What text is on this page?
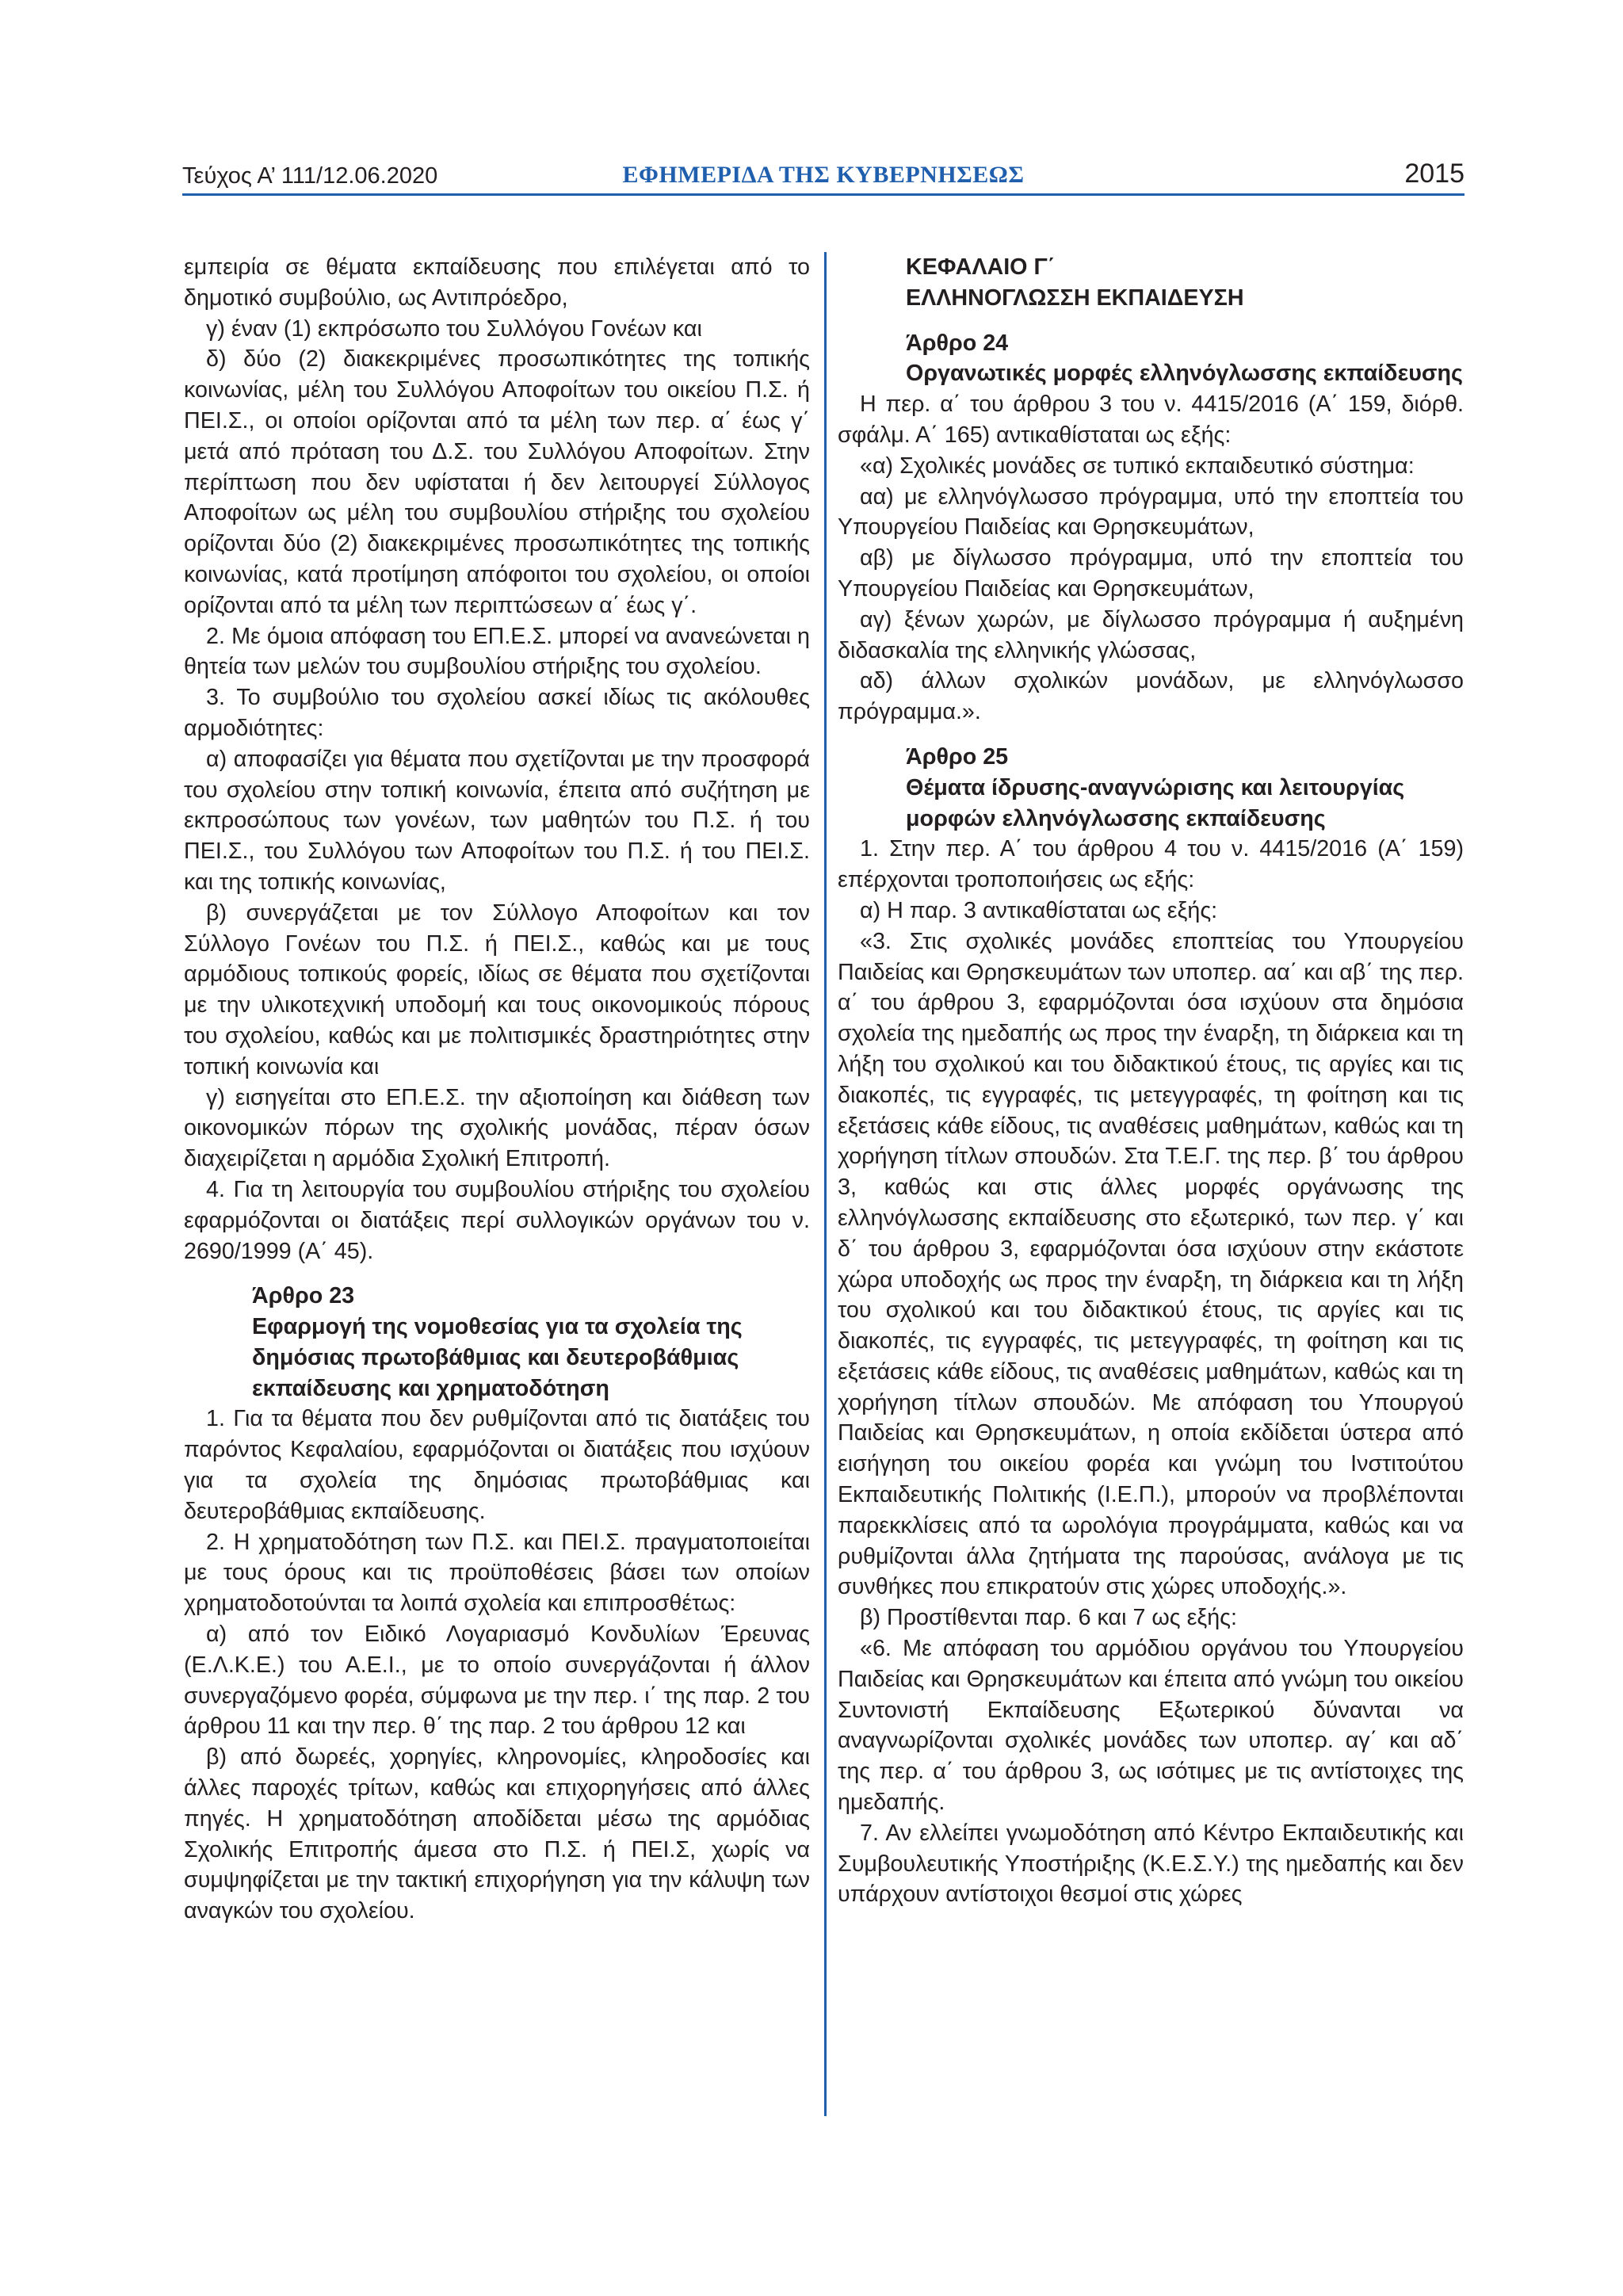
Τεύχος Α’ 111/12.06.2020	ΕΦΗΜΕΡΙΔΑ ΤΗΣ ΚΥΒΕΡΝΗΣΕΩΣ	2015

εμπειρία σε θέματα εκπαίδευσης που επιλέγεται από το δημοτικό συμβούλιο, ως Αντιπρόεδρο,

γ) έναν (1) εκπρόσωπο του Συλλόγου Γονέων και

δ) δύο (2) διακεκριμένες προσωπικότητες της τοπικής κοινωνίας, μέλη του Συλλόγου Αποφοίτων του οικείου Π.Σ. ή ΠΕΙ.Σ., οι οποίοι ορίζονται από τα μέλη των περ. α΄ έως γ΄ μετά από πρόταση του Δ.Σ. του Συλλόγου Αποφοίτων. Στην περίπτωση που δεν υφίσταται ή δεν λειτουργεί Σύλλογος Αποφοίτων ως μέλη του συμβουλίου στήριξης του σχολείου ορίζονται δύο (2) διακεκριμένες προσωπικότητες της τοπικής κοινωνίας, κατά προτίμηση απόφοιτοι του σχολείου, οι οποίοι ορίζονται από τα μέλη των περιπτώσεων α΄ έως γ΄.

2. Με όμοια απόφαση του ΕΠ.Ε.Σ. μπορεί να ανανεώνεται η θητεία των μελών του συμβουλίου στήριξης του σχολείου.

3. Το συμβούλιο του σχολείου ασκεί ιδίως τις ακόλουθες αρμοδιότητες:

α) αποφασίζει για θέματα που σχετίζονται με την προσφορά του σχολείου στην τοπική κοινωνία, έπειτα από συζήτηση με εκπροσώπους των γονέων, των μαθητών του Π.Σ. ή του ΠΕΙ.Σ., του Συλλόγου των Αποφοίτων του Π.Σ. ή του ΠΕΙ.Σ. και της τοπικής κοινωνίας,

β) συνεργάζεται με τον Σύλλογο Αποφοίτων και τον Σύλλογο Γονέων του Π.Σ. ή ΠΕΙ.Σ., καθώς και με τους αρμόδιους τοπικούς φορείς, ιδίως σε θέματα που σχετίζονται με την υλικοτεχνική υποδομή και τους οικονομικούς πόρους του σχολείου, καθώς και με πολιτισμικές δραστηριότητες στην τοπική κοινωνία και

γ) εισηγείται στο ΕΠ.Ε.Σ. την αξιοποίηση και διάθεση των οικονομικών πόρων της σχολικής μονάδας, πέραν όσων διαχειρίζεται η αρμόδια Σχολική Επιτροπή.

4. Για τη λειτουργία του συμβουλίου στήριξης του σχολείου εφαρμόζονται οι διατάξεις περί συλλογικών οργάνων του ν. 2690/1999 (Α΄ 45).

Άρθρο 23

Εφαρμογή της νομοθεσίας για τα σχολεία της δημόσιας πρωτοβάθμιας και δευτεροβάθμιας εκπαίδευσης και χρηματοδότηση

1. Για τα θέματα που δεν ρυθμίζονται από τις διατάξεις του παρόντος Κεφαλαίου, εφαρμόζονται οι διατάξεις που ισχύουν για τα σχολεία της δημόσιας πρωτοβάθμιας και δευτεροβάθμιας εκπαίδευσης.

2. Η χρηματοδότηση των Π.Σ. και ΠΕΙ.Σ. πραγματοποιείται με τους όρους και τις προϋποθέσεις βάσει των οποίων χρηματοδοτούνται τα λοιπά σχολεία και επιπροσθέτως:

α) από τον Ειδικό Λογαριασμό Κονδυλίων Έρευνας (Ε.Λ.Κ.Ε.) του Α.Ε.Ι., με το οποίο συνεργάζονται ή άλλον συνεργαζόμενο φορέα, σύμφωνα με την περ. ι΄ της παρ. 2 του άρθρου 11 και την περ. θ΄ της παρ. 2 του άρθρου 12 και

β) από δωρεές, χορηγίες, κληρονομίες, κληροδοσίες και άλλες παροχές τρίτων, καθώς και επιχορηγήσεις από άλλες πηγές. Η χρηματοδότηση αποδίδεται μέσω της αρμόδιας Σχολικής Επιτροπής άμεσα στο Π.Σ. ή ΠΕΙ.Σ, χωρίς να συμψηφίζεται με την τακτική επιχορήγηση για την κάλυψη των αναγκών του σχολείου.

ΚΕΦΑΛΑΙΟ Γ΄

ΕΛΛΗΝΟΓΛΩΣΣΗ ΕΚΠΑΙΔΕΥΣΗ

Άρθρο 24

Οργανωτικές μορφές ελληνόγλωσσης εκπαίδευσης

Η περ. α΄ του άρθρου 3 του ν. 4415/2016 (Α΄ 159, διόρθ. σφάλμ. Α΄ 165) αντικαθίσταται ως εξής:

«α) Σχολικές μονάδες σε τυπικό εκπαιδευτικό σύστημα:

αα) με ελληνόγλωσσο πρόγραμμα, υπό την εποπτεία του Υπουργείου Παιδείας και Θρησκευμάτων,

αβ) με δίγλωσσο πρόγραμμα, υπό την εποπτεία του Υπουργείου Παιδείας και Θρησκευμάτων,

αγ) ξένων χωρών, με δίγλωσσο πρόγραμμα ή αυξημένη διδασκαλία της ελληνικής γλώσσας,

αδ) άλλων σχολικών μονάδων, με ελληνόγλωσσο πρόγραμμα.».

Άρθρο 25

Θέματα ίδρυσης-αναγνώρισης και λειτουργίας μορφών ελληνόγλωσσης εκπαίδευσης

1. Στην περ. Α΄ του άρθρου 4 του ν. 4415/2016 (Α΄ 159) επέρχονται τροποποιήσεις ως εξής:

α) Η παρ. 3 αντικαθίσταται ως εξής:

«3. Στις σχολικές μονάδες εποπτείας του Υπουργείου Παιδείας και Θρησκευμάτων των υποπερ. αα΄ και αβ΄ της περ. α΄ του άρθρου 3, εφαρμόζονται όσα ισχύουν στα δημόσια σχολεία της ημεδαπής ως προς την έναρξη, τη διάρκεια και τη λήξη του σχολικού και του διδακτικού έτους, τις αργίες και τις διακοπές, τις εγγραφές, τις μετεγγραφές, τη φοίτηση και τις εξετάσεις κάθε είδους, τις αναθέσεις μαθημάτων, καθώς και τη χορήγηση τίτλων σπουδών. Στα Τ.Ε.Γ. της περ. β΄ του άρθρου 3, καθώς και στις άλλες μορφές οργάνωσης της ελληνόγλωσσης εκπαίδευσης στο εξωτερικό, των περ. γ΄ και δ΄ του άρθρου 3, εφαρμόζονται όσα ισχύουν στην εκάστοτε χώρα υποδοχής ως προς την έναρξη, τη διάρκεια και τη λήξη του σχολικού και του διδακτικού έτους, τις αργίες και τις διακοπές, τις εγγραφές, τις μετεγγραφές, τη φοίτηση και τις εξετάσεις κάθε είδους, τις αναθέσεις μαθημάτων, καθώς και τη χορήγηση τίτλων σπουδών. Με απόφαση του Υπουργού Παιδείας και Θρησκευμάτων, η οποία εκδίδεται ύστερα από εισήγηση του οικείου φορέα και γνώμη του Ινστιτούτου Εκπαιδευτικής Πολιτικής (Ι.Ε.Π.), μπορούν να προβλέπονται παρεκκλίσεις από τα ωρολόγια προγράμματα, καθώς και να ρυθμίζονται άλλα ζητήματα της παρούσας, ανάλογα με τις συνθήκες που επικρατούν στις χώρες υποδοχής.».

β) Προστίθενται παρ. 6 και 7 ως εξής:

«6. Με απόφαση του αρμόδιου οργάνου του Υπουργείου Παιδείας και Θρησκευμάτων και έπειτα από γνώμη του οικείου Συντονιστή Εκπαίδευσης Εξωτερικού δύνανται να αναγνωρίζονται σχολικές μονάδες των υποπερ. αγ΄ και αδ΄ της περ. α΄ του άρθρου 3, ως ισότιμες με τις αντίστοιχες της ημεδαπής.

7. Αν ελλείπει γνωμοδότηση από Κέντρο Εκπαιδευτικής και Συμβουλευτικής Υποστήριξης (Κ.Ε.Σ.Υ.) της ημεδαπής και δεν υπάρχουν αντίστοιχοι θεσμοί στις χώρες
